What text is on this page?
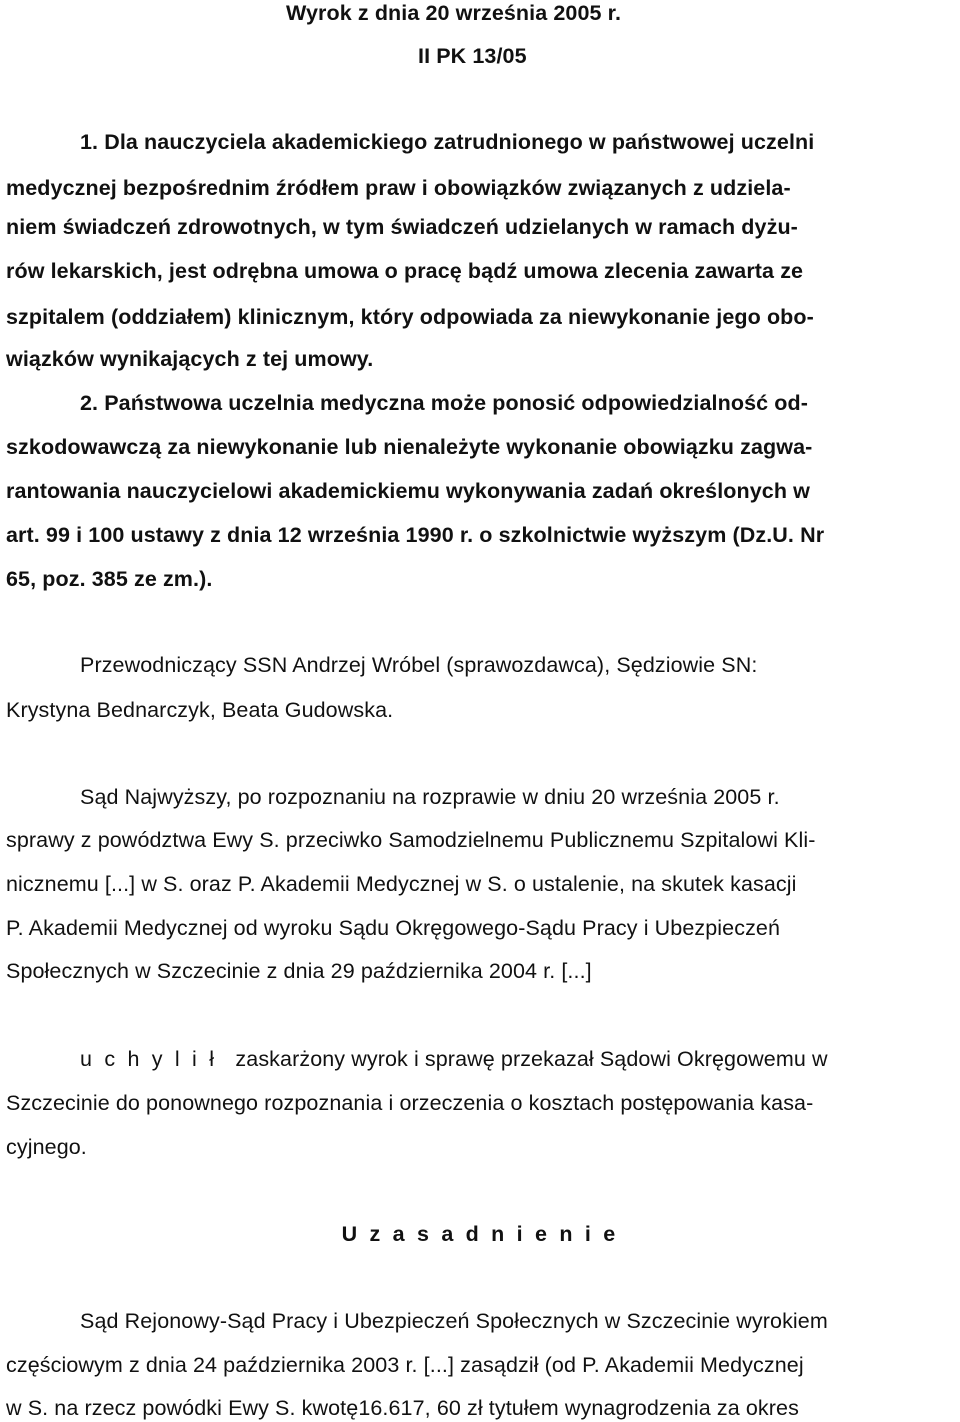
Wyrok z dnia 20 września 2005 r.
II PK 13/05
1. Dla nauczyciela akademickiego zatrudnionego w państwowej uczelni
medycznej bezpośrednim źródłem praw i obowiązków związanych z udziela-
niem świadczeń zdrowotnych, w tym świadczeń udzielanych w ramach dyżu-
rów lekarskich, jest odrębna umowa o pracę bądź umowa zlecenia zawarta ze
szpitalem (oddziałem) klinicznym, który odpowiada za niewykonanie jego obo-
wiązków wynikających z tej umowy.
2. Państwowa uczelnia medyczna może ponosić odpowiedzialność od-
szkodowawczą za niewykonanie lub nienależyte wykonanie obowiązku zagwa-
rantowania nauczycielowi akademickiemu wykonywania zadań określonych w
art. 99 i 100 ustawy z dnia 12 września 1990 r. o szkolnictwie wyższym (Dz.U. Nr
65, poz. 385 ze zm.).
Przewodniczący SSN Andrzej Wróbel (sprawozdawca), Sędziowie SN:
Krystyna Bednarczyk, Beata Gudowska.
Sąd Najwyższy, po rozpoznaniu na rozprawie w dniu 20 września 2005 r.
sprawy z powództwa Ewy S. przeciwko Samodzielnemu Publicznemu Szpitalowi Kli-
nicznemu [...] w S. oraz P. Akademii Medycznej w S. o ustalenie, na skutek kasacji
P. Akademii Medycznej od wyroku Sądu Okręgowego-Sądu Pracy i Ubezpieczeń
Społecznych w Szczecinie z dnia 29 października 2004 r. [...]
u c h y l i ł zaskarżony wyrok i sprawę przekazał Sądowi Okręgowemu w
Szczecinie do ponownego rozpoznania i orzeczenia o kosztach postępowania kasa-
cyjnego.
U z a s a d n i e n i e
Sąd Rejonowy-Sąd Pracy i Ubezpieczeń Społecznych w Szczecinie wyrokiem
częściowym z dnia 24 października 2003 r. [...] zasądził (od P. Akademii Medycznej
w S. na rzecz powódki Ewy S. kwotę16.617, 60 zł tytułem wynagrodzenia za okres
